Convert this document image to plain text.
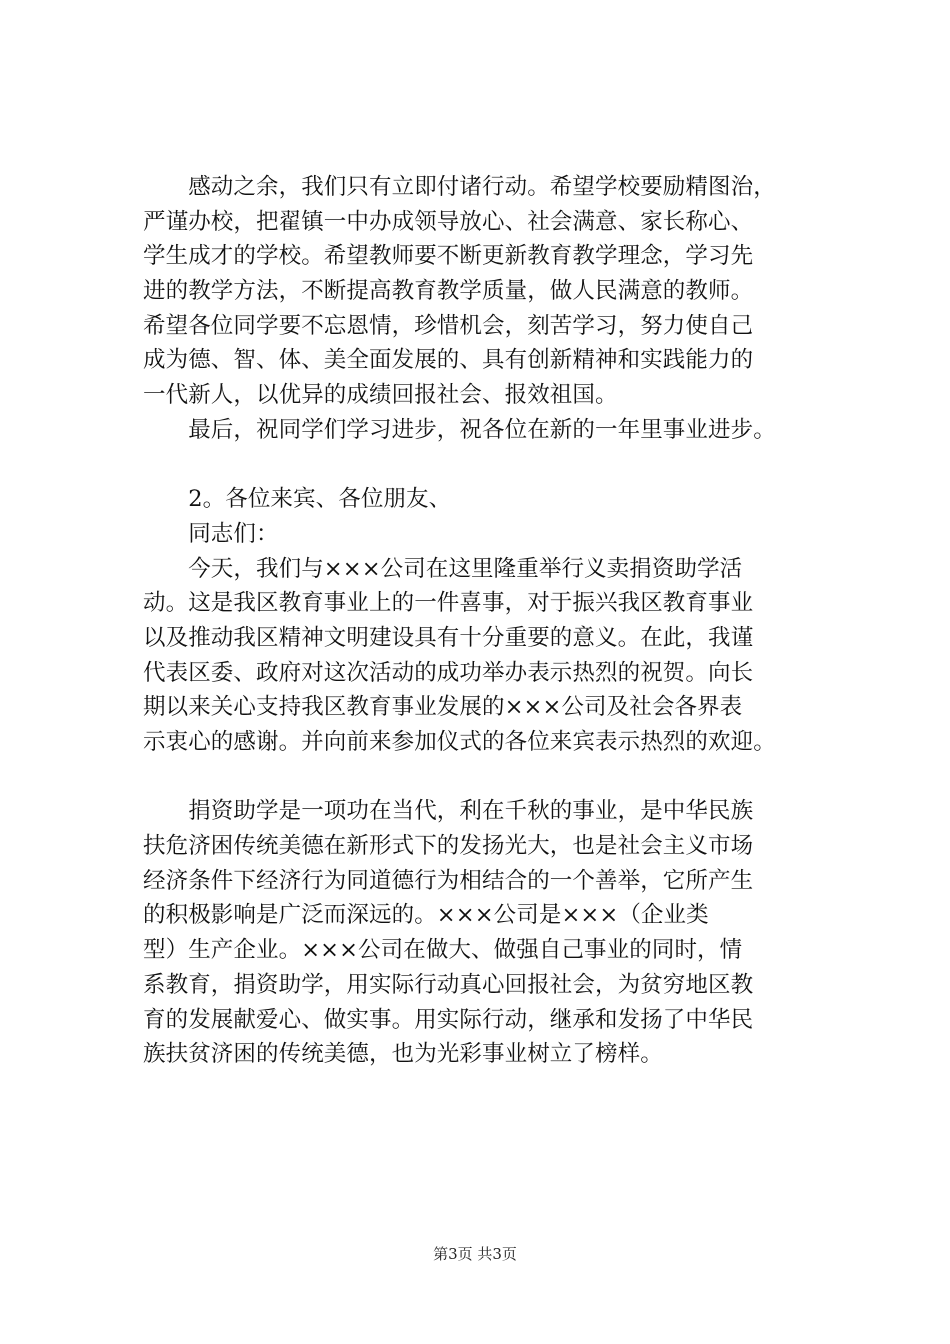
　　感动之余，我们只有立即付诸行动。希望学校要励精图治，
严谨办校，把翟镇一中办成领导放心、社会满意、家长称心、
学生成才的学校。希望教师要不断更新教育教学理念，学习先
进的教学方法，不断提高教育教学质量，做人民满意的教师。
希望各位同学要不忘恩情，珍惜机会，刻苦学习，努力使自己
成为德、智、体、美全面发展的、具有创新精神和实践能力的
一代新人，以优异的成绩回报社会、报效祖国。
　　最后，祝同学们学习进步，祝各位在新的一年里事业进步。
　　2。各位来宾、各位朋友、
　　同志们：
　　今天，我们与×××公司在这里隆重举行义卖捐资助学活
动。这是我区教育事业上的一件喜事，对于振兴我区教育事业
以及推动我区精神文明建设具有十分重要的意义。在此，我谨
代表区委、政府对这次活动的成功举办表示热烈的祝贺。向长
期以来关心支持我区教育事业发展的×××公司及社会各界表
示衷心的感谢。并向前来参加仪式的各位来宾表示热烈的欢迎。
　　捐资助学是一项功在当代，利在千秋的事业，是中华民族
扶危济困传统美德在新形式下的发扬光大，也是社会主义市场
经济条件下经济行为同道德行为相结合的一个善举，它所产生
的积极影响是广泛而深远的。×××公司是×××（企业类
型）生产企业。×××公司在做大、做强自己事业的同时，情
系教育，捐资助学，用实际行动真心回报社会，为贫穷地区教
育的发展献爱心、做实事。用实际行动，继承和发扬了中华民
族扶贫济困的传统美德，也为光彩事业树立了榜样。
第3页 共3页
